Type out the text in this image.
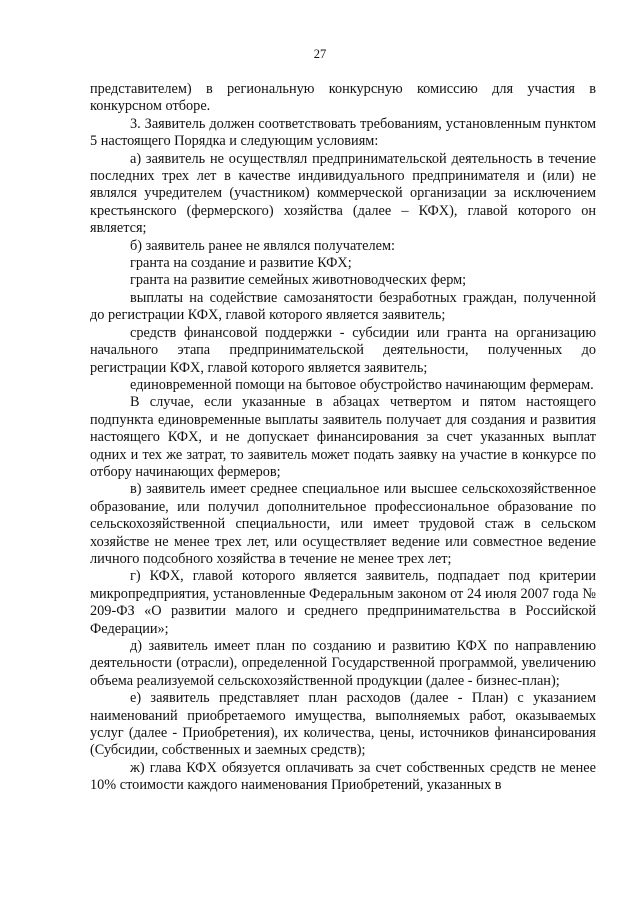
27

представителем) в региональную конкурсную комиссию для участия в конкурсном отборе.

3. Заявитель должен соответствовать требованиям, установленным пунктом 5 настоящего Порядка и следующим условиям:

а) заявитель не осуществлял предпринимательской деятельность в течение последних трех лет в качестве индивидуального предпринимателя и (или) не являлся учредителем (участником) коммерческой организации за исключением крестьянского (фермерского) хозяйства (далее – КФХ), главой которого он является;

б) заявитель ранее не являлся получателем:

гранта на создание и развитие КФХ;

гранта на развитие семейных животноводческих ферм;

выплаты на содействие самозанятости безработных граждан, полученной до регистрации КФХ, главой которого является заявитель;

средств финансовой поддержки - субсидии или гранта на организацию начального этапа предпринимательской деятельности, полученных до регистрации КФХ, главой которого является заявитель;

единовременной помощи на бытовое обустройство начинающим фермерам.

В случае, если указанные в абзацах четвертом и пятом настоящего подпункта единовременные выплаты заявитель получает для создания и развития настоящего КФХ, и не допускает финансирования за счет указанных выплат одних и тех же затрат, то заявитель может подать заявку на участие в конкурсе по отбору начинающих фермеров;

в) заявитель имеет среднее специальное или высшее сельскохозяйственное образование, или получил дополнительное профессиональное образование по сельскохозяйственной специальности, или имеет трудовой стаж в сельском хозяйстве не менее трех лет, или осуществляет ведение или совместное ведение личного подсобного хозяйства в течение не менее трех лет;

г) КФХ, главой которого является заявитель, подпадает под критерии микропредприятия, установленные Федеральным законом от 24 июля 2007 года № 209-ФЗ «О развитии малого и среднего предпринимательства в Российской Федерации»;

д) заявитель имеет план по созданию и развитию КФХ по направлению деятельности (отрасли), определенной Государственной программой, увеличению объема реализуемой сельскохозяйственной продукции (далее - бизнес-план);

е) заявитель представляет план расходов (далее - План) с указанием наименований приобретаемого имущества, выполняемых работ, оказываемых услуг (далее - Приобретения), их количества, цены, источников финансирования (Субсидии, собственных и заемных средств);

ж) глава КФХ обязуется оплачивать за счет собственных средств не менее 10% стоимости каждого наименования Приобретений, указанных в
